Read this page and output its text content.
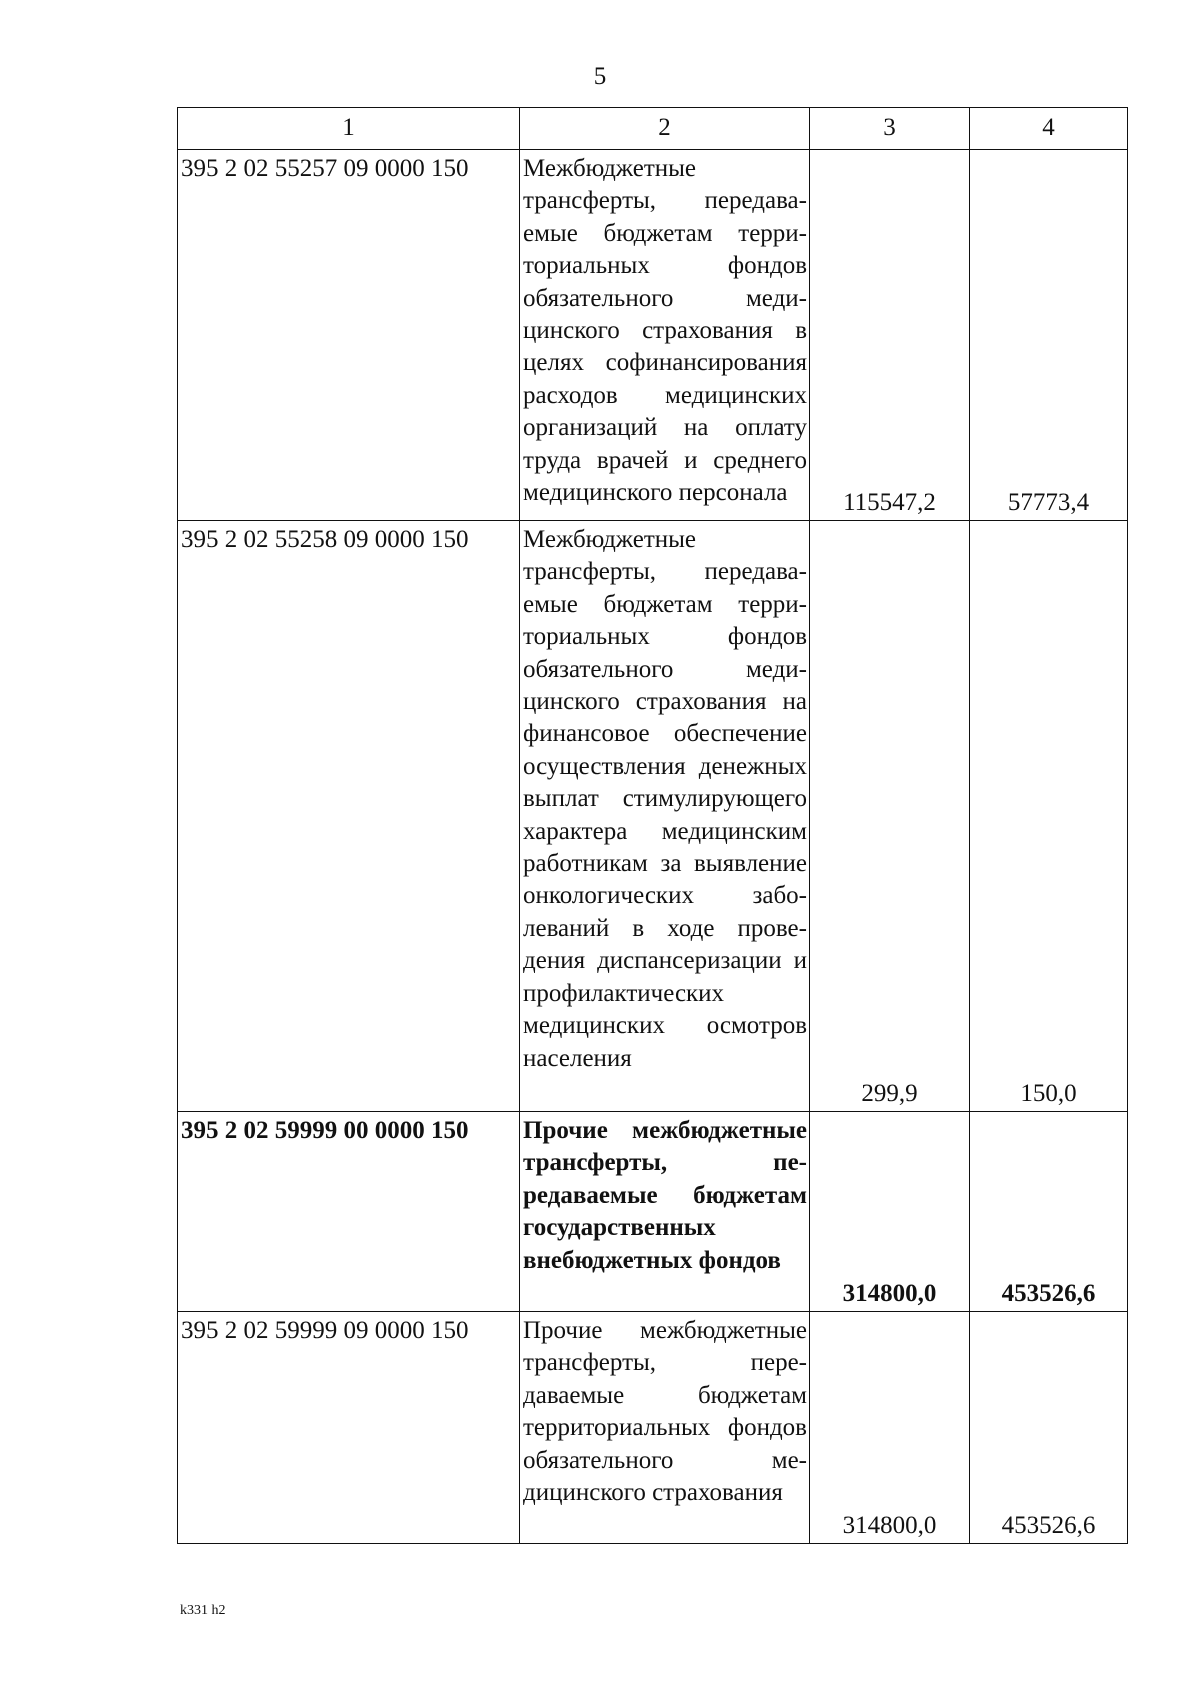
5
1	2	3	4
395 2 02 55257 09 0000 150	Межбюджетные трансферты, передаваемые бюджетам территориальных фондов обязательного медицинского страхования в целях софинансирования расходов медицинских организаций на оплату труда врачей и среднего медицинского персонала	115547,2	57773,4
395 2 02 55258 09 0000 150	Межбюджетные трансферты, передаваемые бюджетам территориальных фондов обязательного медицинского страхования на финансовое обеспечение осуществления денежных выплат стимулирующего характера медицинским работникам за выявление онкологических заболеваний в ходе проведения диспансеризации и профилактических медицинских осмотров населения	299,9	150,0
395 2 02 59999 00 0000 150	Прочие межбюджетные трансферты, передаваемые бюджетам государственных внебюджетных фондов	314800,0	453526,6
395 2 02 59999 09 0000 150	Прочие межбюджетные трансферты, передаваемые бюджетам территориальных фондов обязательного медицинского страхования	314800,0	453526,6
k331 h2
